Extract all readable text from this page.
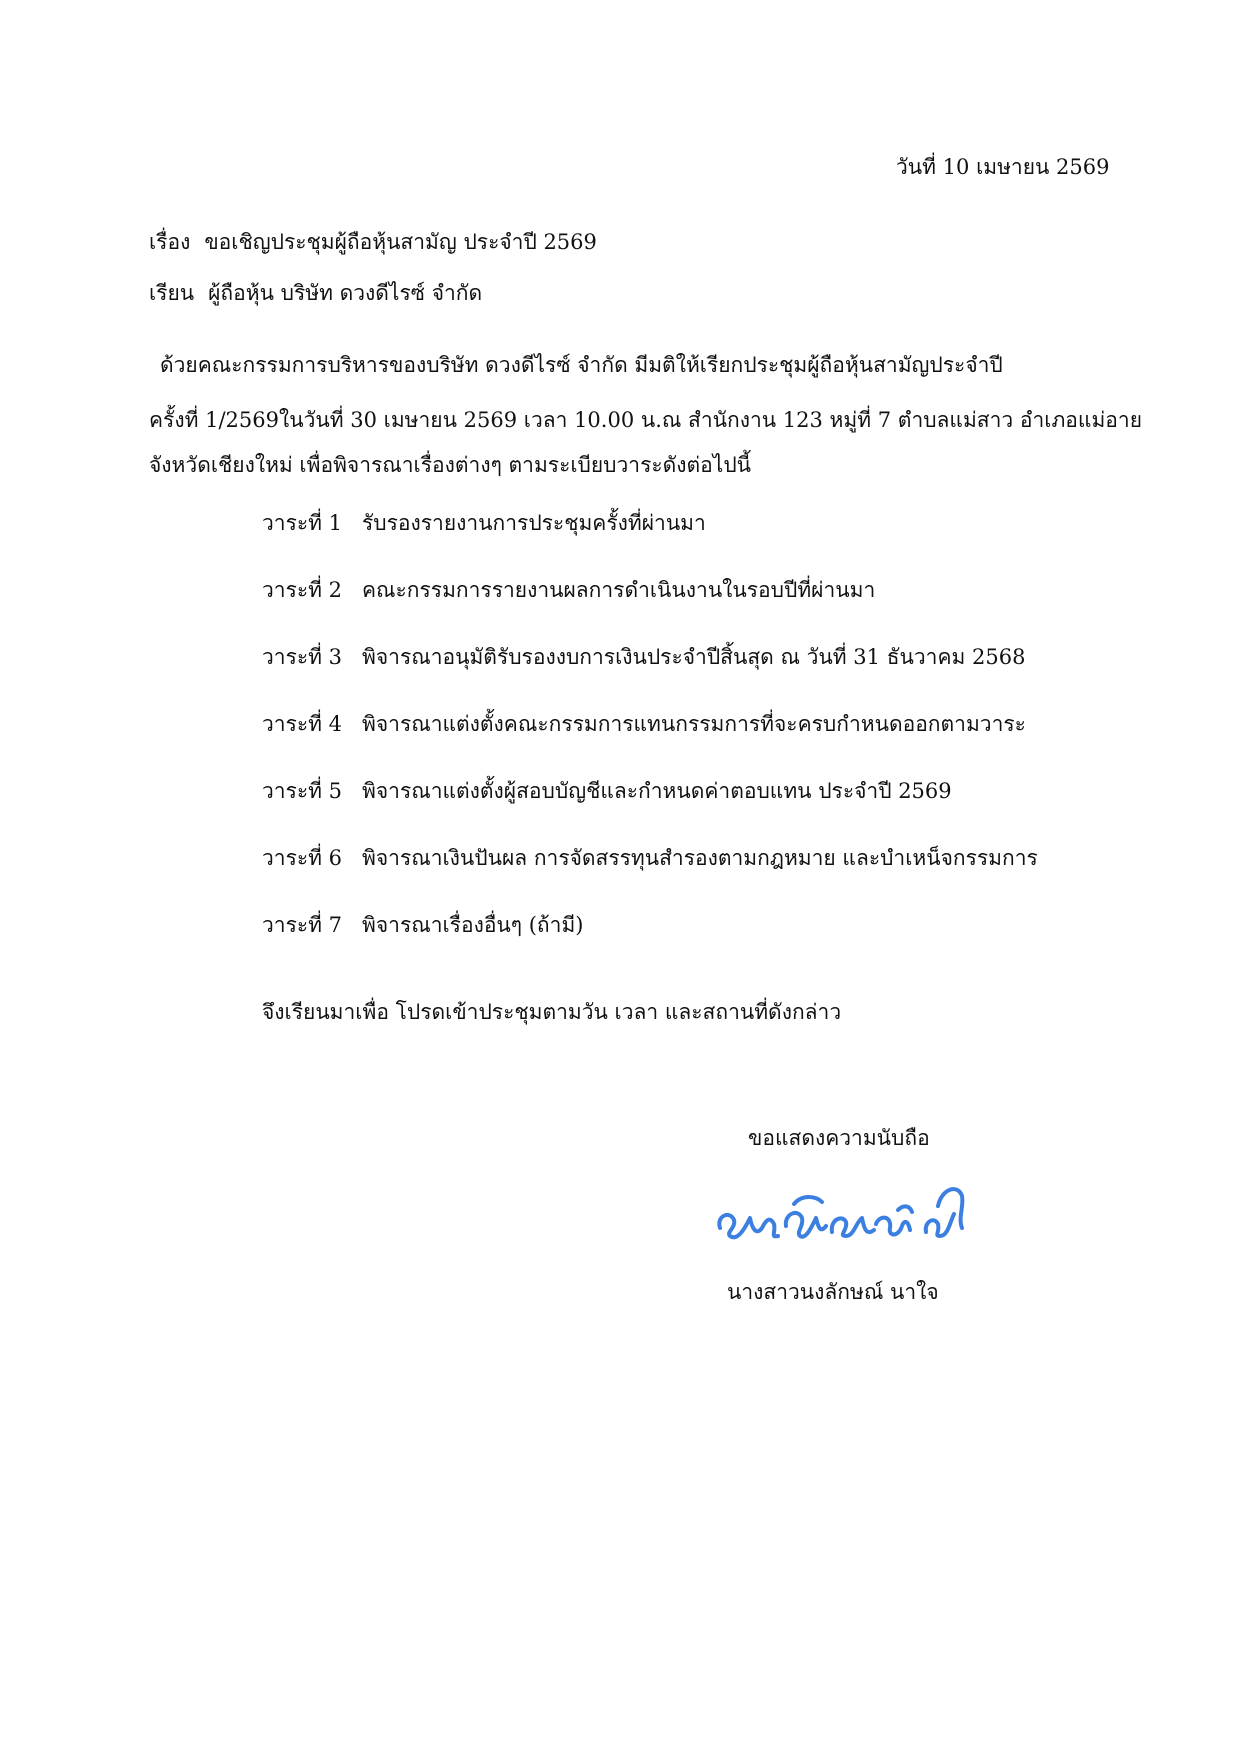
วันที่ 10 เมษายน 2569
เรื่อง ขอเชิญประชุมผู้ถือหุ้นสามัญ ประจำปี 2569
เรียน ผู้ถือหุ้น บริษัท ดวงดีไรซ์ จำกัด
ด้วยคณะกรรมการบริหารของบริษัท ดวงดีไรซ์ จำกัด มีมติให้เรียกประชุมผู้ถือหุ้นสามัญประจำปี
ครั้งที่ 1/2569ในวันที่ 30 เมษายน 2569 เวลา 10.00 น.ณ สำนักงาน 123 หมู่ที่ 7 ตำบลแม่สาว อำเภอแม่อาย
จังหวัดเชียงใหม่ เพื่อพิจารณาเรื่องต่างๆ ตามระเบียบวาระดังต่อไปนี้
วาระที่ 1 รับรองรายงานการประชุมครั้งที่ผ่านมา
วาระที่ 2 คณะกรรมการรายงานผลการดำเนินงานในรอบปีที่ผ่านมา
วาระที่ 3 พิจารณาอนุมัติรับรองงบการเงินประจำปีสิ้นสุด ณ วันที่ 31 ธันวาคม 2568
วาระที่ 4 พิจารณาแต่งตั้งคณะกรรมการแทนกรรมการที่จะครบกำหนดออกตามวาระ
วาระที่ 5 พิจารณาแต่งตั้งผู้สอบบัญชีและกำหนดค่าตอบแทน ประจำปี 2569
วาระที่ 6 พิจารณาเงินปันผล การจัดสรรทุนสำรองตามกฎหมาย และบำเหน็จกรรมการ
วาระที่ 7 พิจารณาเรื่องอื่นๆ (ถ้ามี)
จึงเรียนมาเพื่อ โปรดเข้าประชุมตามวัน เวลา และสถานที่ดังกล่าว
ขอแสดงความนับถือ
นางสาวนงลักษณ์ นาใจ
